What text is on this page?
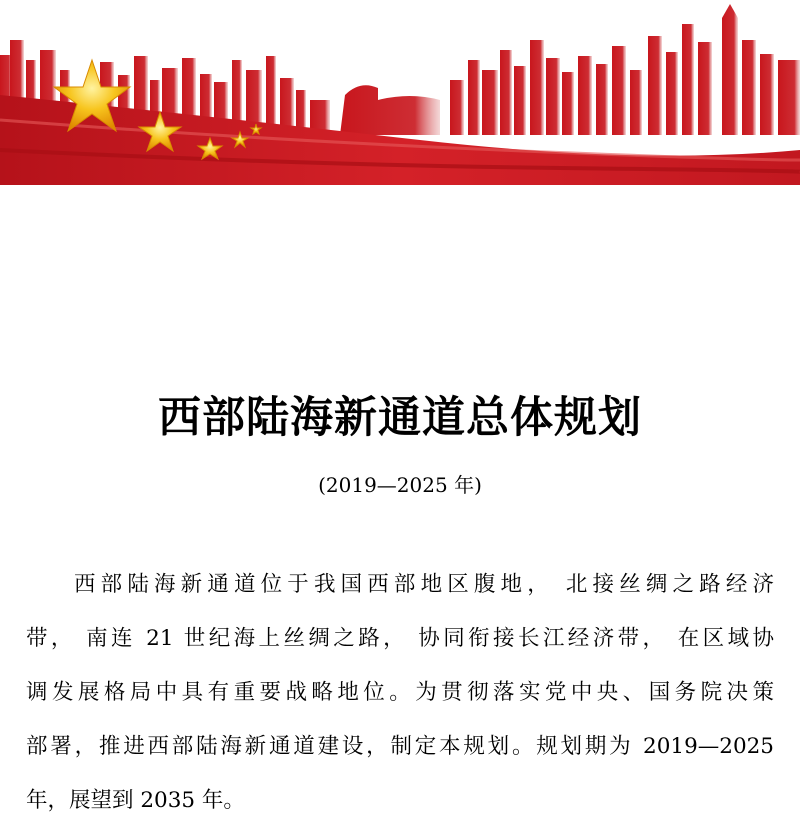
西部陆海新通道总体规划
(2019—2025 年)
西部陆海新通道位于我国西部地区腹地， 北接丝绸之路经济
带， 南连 21 世纪海上丝绸之路， 协同衔接长江经济带， 在区域协
调发展格局中具有重要战略地位。为贯彻落实党中央、国务院决策
部署，推进西部陆海新通道建设，制定本规划。规划期为 2019—2025
年，展望到 2035 年。
